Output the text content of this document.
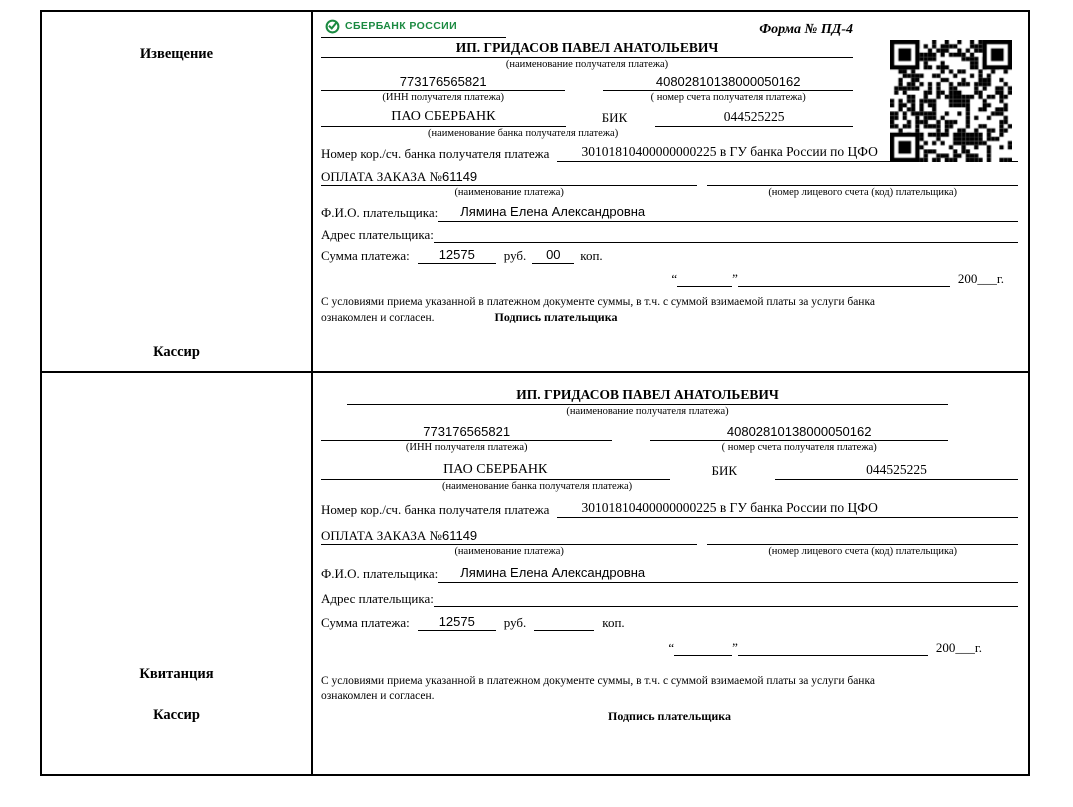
Извещение
Кассир
СБЕРБАНК РОССИИ	Форма № ПД-4
ИП. ГРИДАСОВ ПАВЕЛ АНАТОЛЬЕВИЧ
(наименование получателя платежа)
773176565821	40802810138000050162
(ИНН получателя платежа)	( номер счета получателя платежа)
ПАО СБЕРБАНК	БИК	044525225
(наименование банка получателя платежа)
Номер кор./сч. банка получателя платежа	30101810400000000225 в ГУ банка России по ЦФО
ОПЛАТА ЗАКАЗА № 61149
(наименование платежа)	(номер лицевого счета (код) плательщика)
Ф.И.О. плательщика:	Лямина Елена Александровна
Адрес плательщика:
Сумма платежа:	12575	руб.	00	коп.
“	”	200___г.
С условиями приема указанной в платежном документе суммы, в т.ч. с суммой взимаемой платы за услуги банка
ознакомлен и согласен.	Подпись плательщика
Квитанция
Кассир
ИП. ГРИДАСОВ ПАВЕЛ АНАТОЛЬЕВИЧ
(наименование получателя платежа)
773176565821	40802810138000050162
(ИНН получателя платежа)	( номер счета получателя платежа)
ПАО СБЕРБАНК	БИК	044525225
(наименование банка получателя платежа)
Номер кор./сч. банка получателя платежа	30101810400000000225 в ГУ банка России по ЦФО
ОПЛАТА ЗАКАЗА № 61149
(наименование платежа)	(номер лицевого счета (код) плательщика)
Ф.И.О. плательщика:	Лямина Елена Александровна
Адрес плательщика:
Сумма платежа:	12575	руб.	коп.
“	”	200___г.
С условиями приема указанной в платежном документе суммы, в т.ч. с суммой взимаемой платы за услуги банка
ознакомлен и согласен.
Подпись плательщика
